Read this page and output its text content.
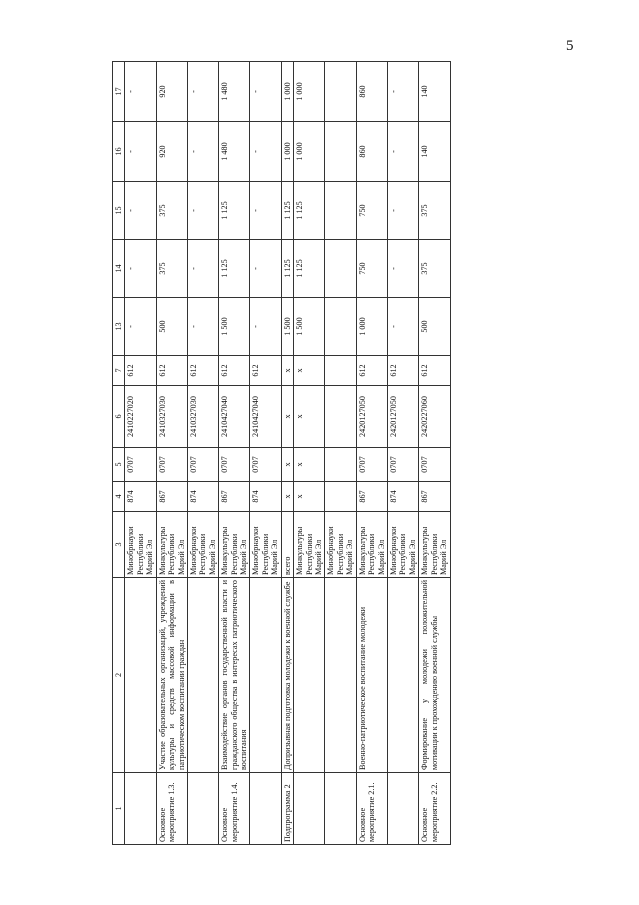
5
1	2	3	4	5	6	7	13	14	15	16	17
		Минобрнауки Республики Марий Эл	874	0707	2410227020	612	-	-	-	-	-
Основное мероприятие 1.3.	Участие образовательных организаций, учреждений культуры и средств массовой информации в патриотическом воспитании граждан	Минкультуры Республики Марий Эл	867	0707	2410327030	612	500	375	375	920	920
		Минобрнауки Республики Марий Эл	874	0707	2410327030	612	-	-	-	-	-
Основное мероприятие 1.4.	Взаимодействие органов государственной власти и гражданского общества в интересах патриотического воспитания	Минкультуры Республики Марий Эл	867	0707	2410427040	612	1 500	1 125	1 125	1 480	1 480
		Минобрнауки Республики Марий Эл	874	0707	2410427040	612	-	-	-	-	-
Подпрограмма 2	Допризывная подготовка молодежи к военной службе	всего	x	x	x	x	1 500	1 125	1 125	1 000	1 000
		Минкультуры Республики Марий Эл	x	x	x	x	1 500	1 125	1 125	1 000	1 000
		Минобрнауки Республики Марий Эл									
Основное мероприятие 2.1.	Военно-патриотическое воспитание молодежи	Минкультуры Республики Марий Эл	867	0707	2420127050	612	1 000	750	750	860	860
		Минобрнауки Республики Марий Эл	874	0707	2420127050	612	-	-	-	-	-
Основное мероприятие 2.2.	Формирование у молодежи положительной мотивации к прохождению военной службы	Минкультуры Республики Марий Эл	867	0707	2420227060	612	500	375	375	140	140
